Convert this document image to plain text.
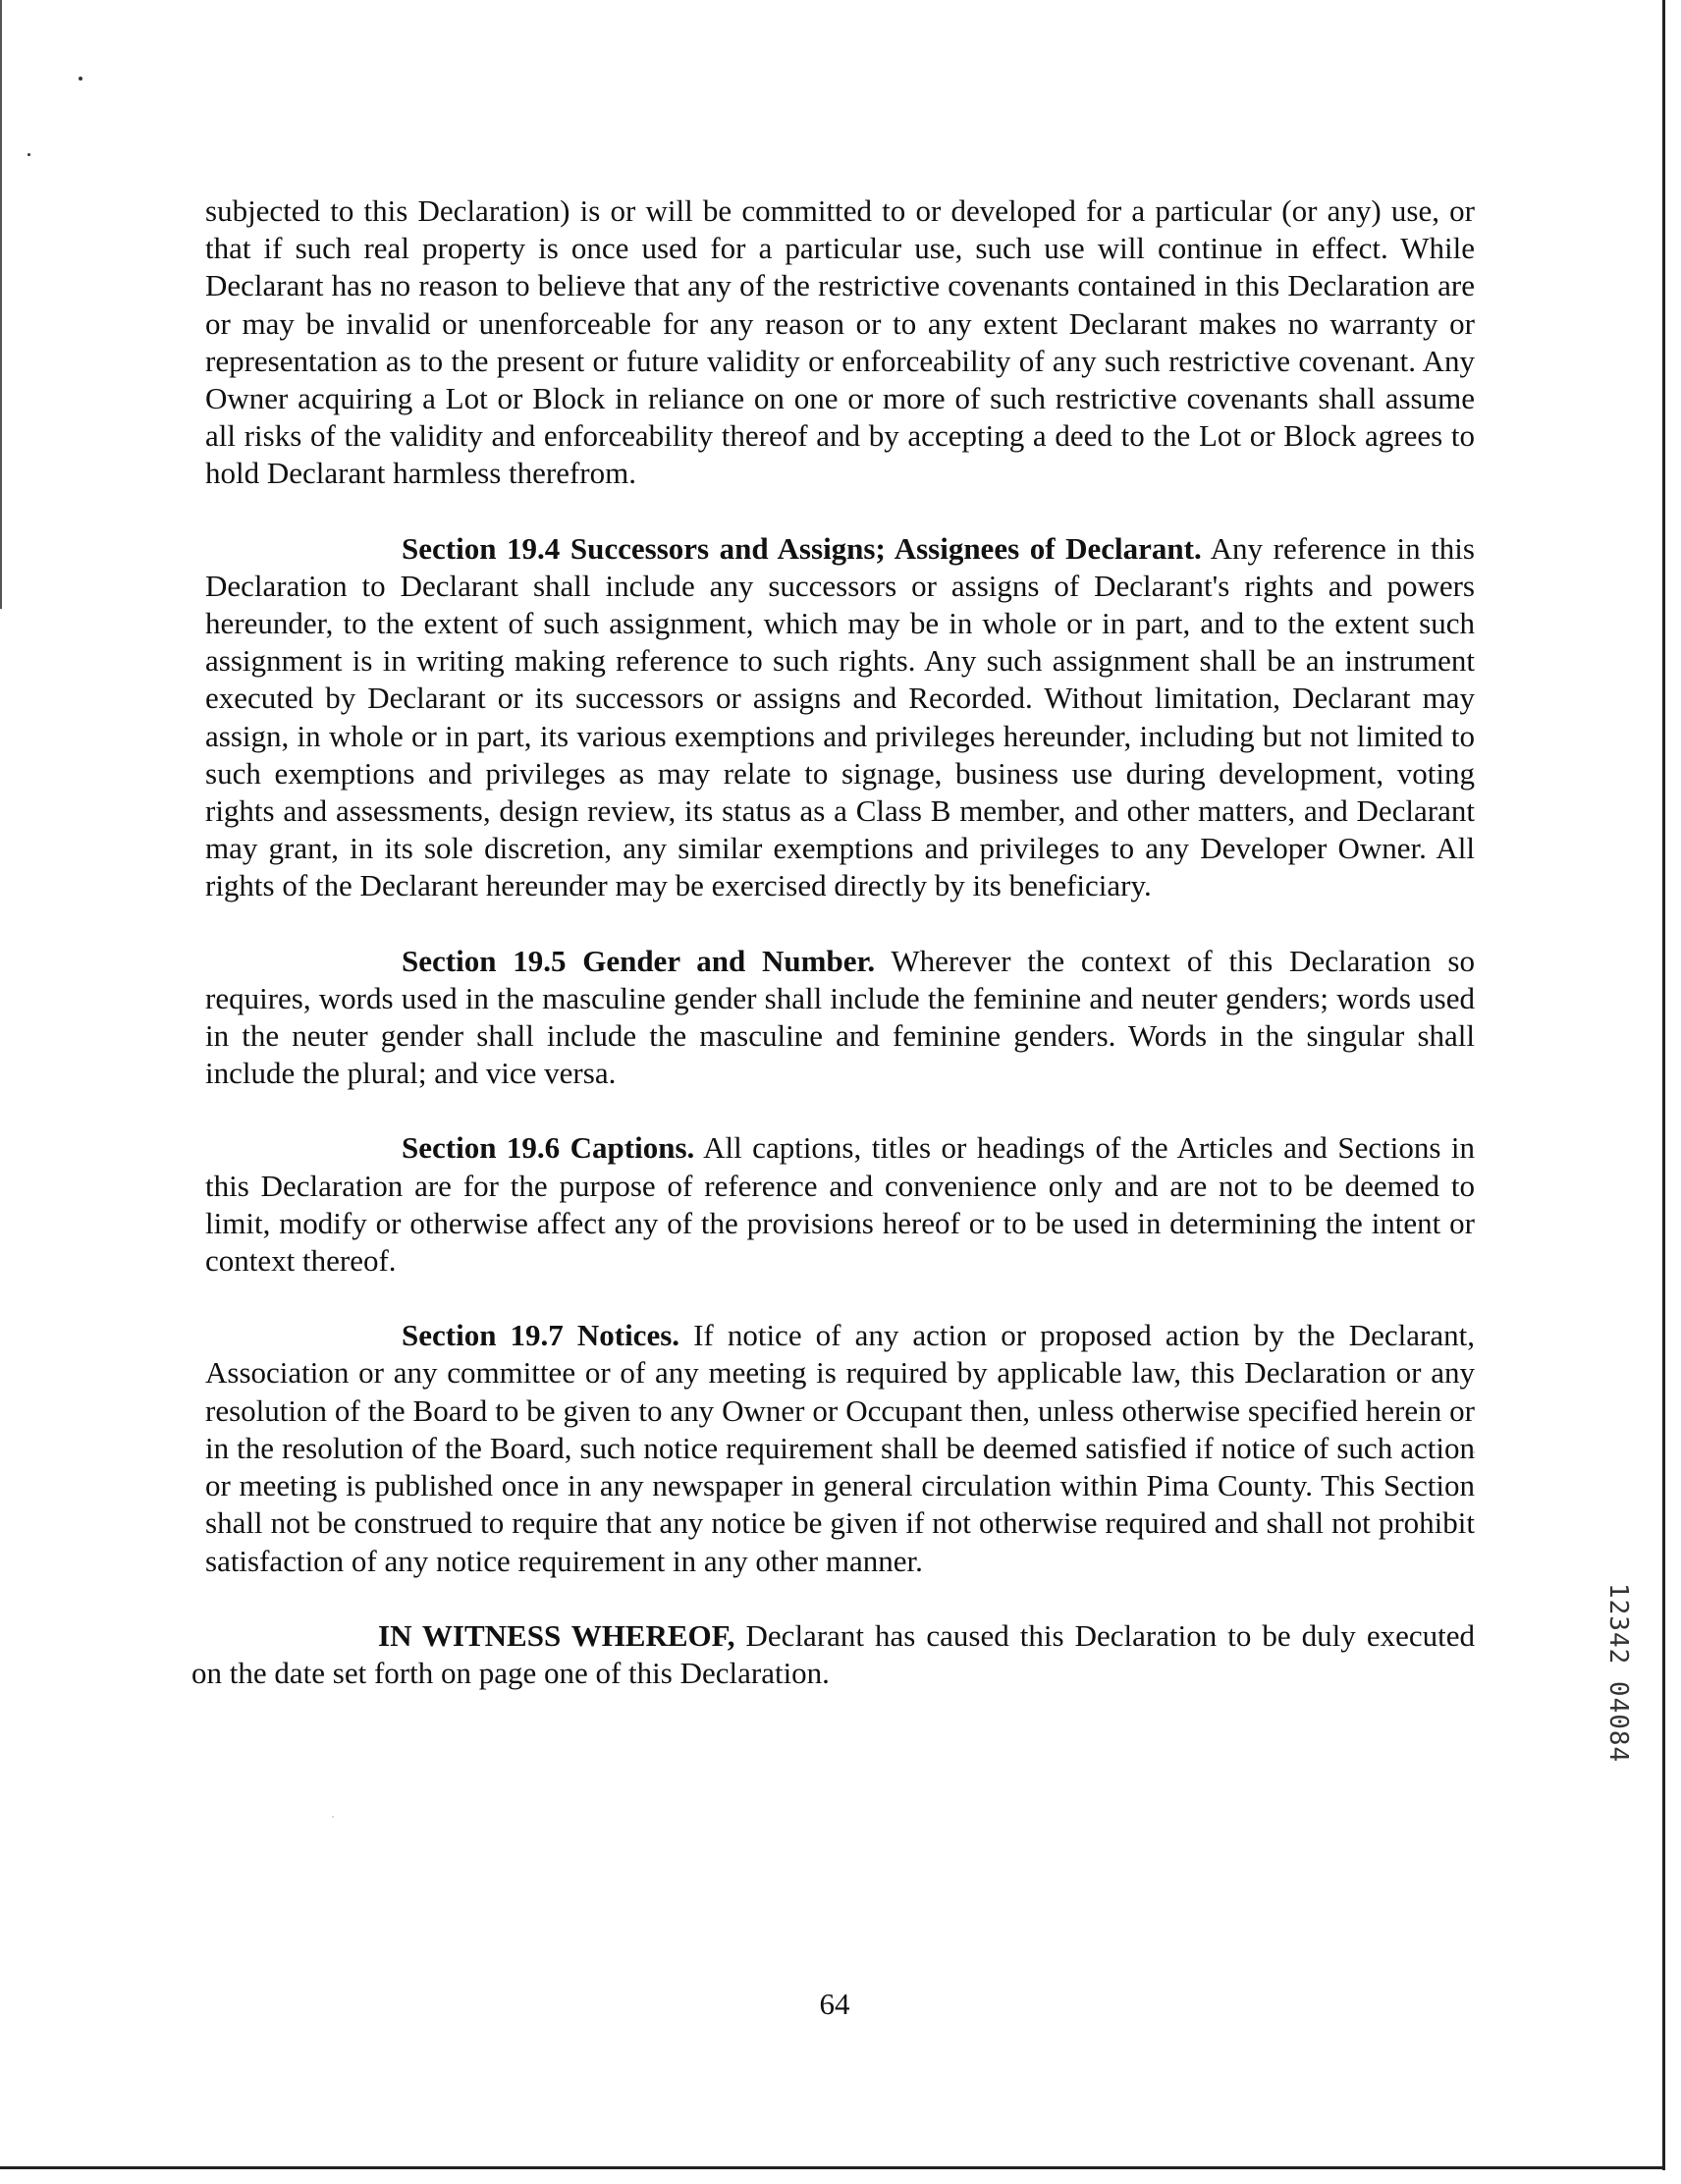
subjected to this Declaration) is or will be committed to or developed for a particular (or any) use, or that if such real property is once used for a particular use, such use will continue in effect. While Declarant has no reason to believe that any of the restrictive covenants contained in this Declaration are or may be invalid or unenforceable for any reason or to any extent Declarant makes no warranty or representation as to the present or future validity or enforceability of any such restrictive covenant. Any Owner acquiring a Lot or Block in reliance on one or more of such restrictive covenants shall assume all risks of the validity and enforceability thereof and by accepting a deed to the Lot or Block agrees to hold Declarant harmless therefrom.

Section 19.4 Successors and Assigns; Assignees of Declarant. Any reference in this Declaration to Declarant shall include any successors or assigns of Declarant's rights and powers hereunder, to the extent of such assignment, which may be in whole or in part, and to the extent such assignment is in writing making reference to such rights. Any such assignment shall be an instrument executed by Declarant or its successors or assigns and Recorded. Without limitation, Declarant may assign, in whole or in part, its various exemptions and privileges hereunder, including but not limited to such exemptions and privileges as may relate to signage, business use during development, voting rights and assessments, design review, its status as a Class B member, and other matters, and Declarant may grant, in its sole discretion, any similar exemptions and privileges to any Developer Owner. All rights of the Declarant hereunder may be exercised directly by its beneficiary.

Section 19.5 Gender and Number. Wherever the context of this Declaration so requires, words used in the masculine gender shall include the feminine and neuter genders; words used in the neuter gender shall include the masculine and feminine genders. Words in the singular shall include the plural; and vice versa.

Section 19.6 Captions. All captions, titles or headings of the Articles and Sections in this Declaration are for the purpose of reference and convenience only and are not to be deemed to limit, modify or otherwise affect any of the provisions hereof or to be used in determining the intent or context thereof.

Section 19.7 Notices. If notice of any action or proposed action by the Declarant, Association or any committee or of any meeting is required by applicable law, this Declaration or any resolution of the Board to be given to any Owner or Occupant then, unless otherwise specified herein or in the resolution of the Board, such notice requirement shall be deemed satisfied if notice of such action or meeting is published once in any newspaper in general circulation within Pima County. This Section shall not be construed to require that any notice be given if not otherwise required and shall not prohibit satisfaction of any notice requirement in any other manner.

IN WITNESS WHEREOF, Declarant has caused this Declaration to be duly executed on the date set forth on page one of this Declaration.	12342 04084
64
